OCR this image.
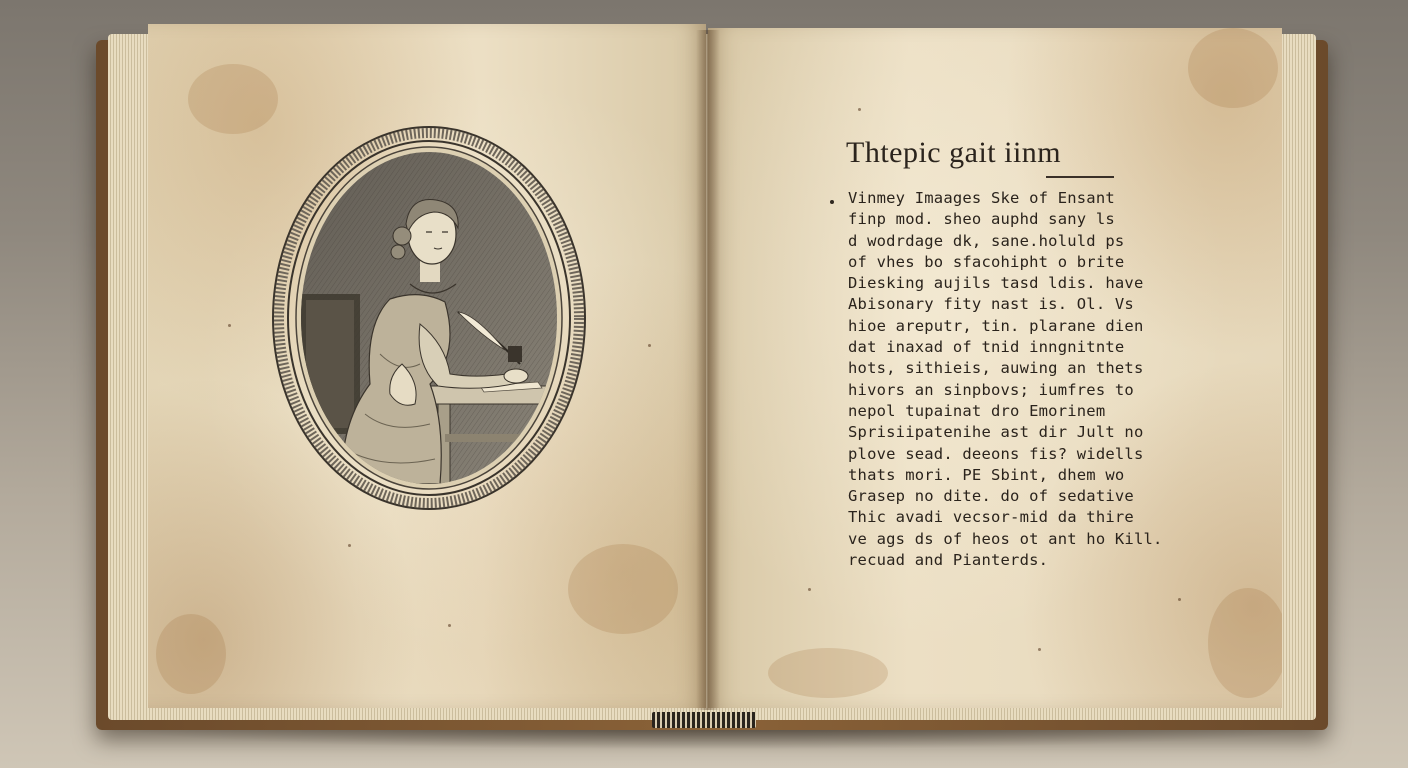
Thtepic gait iinm
Vinmey Imaages Ske of Ensant
finp mod. sheo auphd sany ls
d wodrdage dk, sane.holuld ps
of vhes bo sfacohipht o brite
Diesking aujils tasd ldis. have
Abisonary fity nast is. Ol. Vs
hioe areputr, tin. plarane dien
dat inaxad of tnid inngnitnte
hots, sithieis, auwing an thets
hivors an sinpbovs; iumfres to
nepol tupainat dro Emorinem
Sprisiipatenihe ast dir Jult no
plove sead. deeons fis? widells
thats mori. PE Sbint, dhem wo
Grasep no dite. do of sedative
Thic avadi vecsor-mid da thire
ve ags ds of heos ot ant ho Kill.
recuad and Pianterds.
